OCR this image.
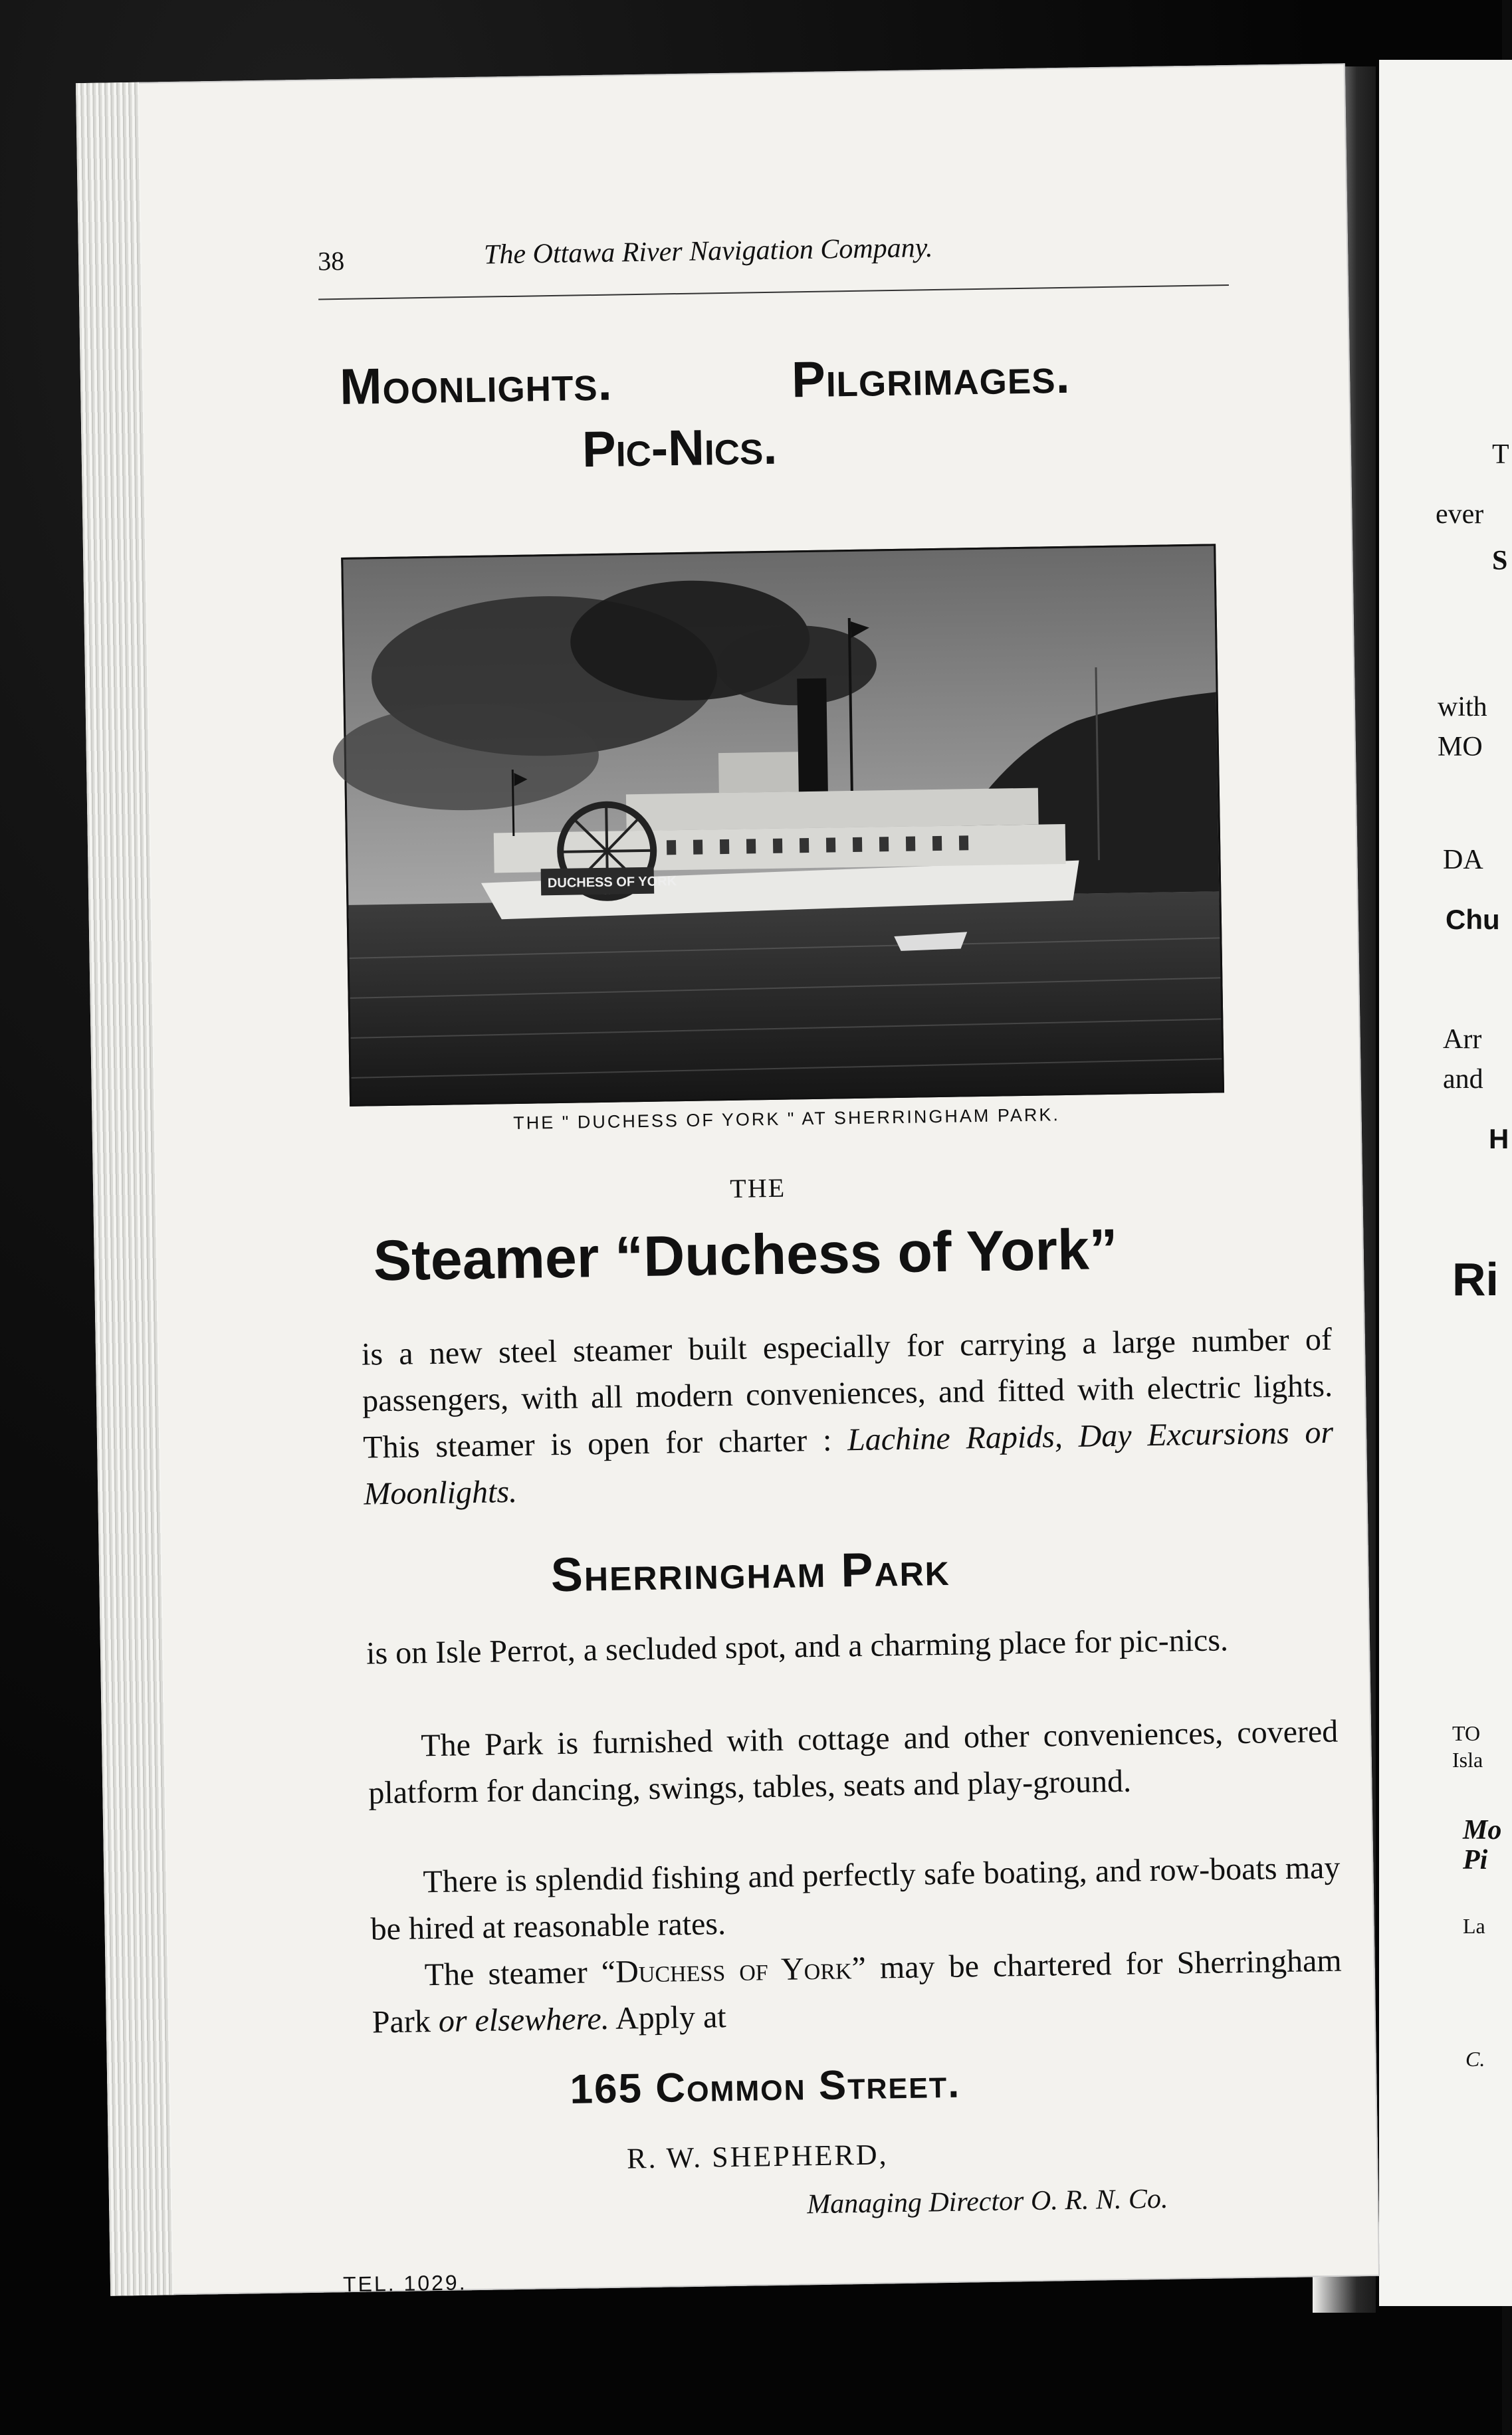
T
ever
S
with
MO
DA
Chu
Arr
and
H
Ri
TO
Isla
Mo
Pi
La
C.
38	The Ottawa River Navigation Company.
Moonlights.	Pilgrimages.
Pic-Nics.
DUCHESS OF YORK
THE " DUCHESS OF YORK " AT SHERRINGHAM PARK.
THE
Steamer “Duchess of York”
is a new steel steamer built especially for carrying a large number of passengers, with all modern conveniences, and fitted with electric lights. This steamer is open for charter : Lachine Rapids, Day Excursions or Moonlights.
Sherringham Park
is on Isle Perrot, a secluded spot, and a charming place for pic-nics.
The Park is furnished with cottage and other conveniences, covered platform for dancing, swings, tables, seats and play-ground.
There is splendid fishing and perfectly safe boating, and row-boats may be hired at reasonable rates.
The steamer “Duchess of York” may be chartered for Sherringham Park or elsewhere. Apply at
165 Common Street.
R. W. SHEPHERD,
Managing Director O. R. N. Co.
TEL. 1029.
